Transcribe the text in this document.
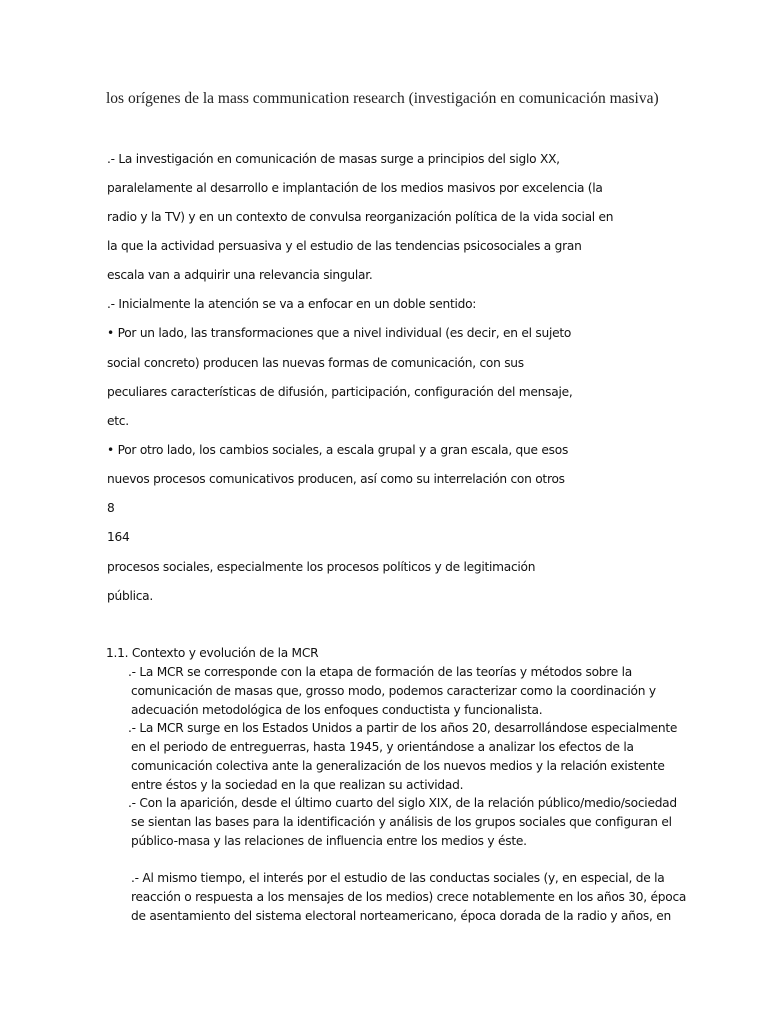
los orígenes de la mass communication research (investigación en comunicación masiva)
.- La investigación en comunicación de masas surge a principios del siglo XX,
paralelamente al desarrollo e implantación de los medios masivos por excelencia (la
radio y la TV) y en un contexto de convulsa reorganización política de la vida social en
la que la actividad persuasiva y el estudio de las tendencias psicosociales a gran
escala van a adquirir una relevancia singular.
.- Inicialmente la atención se va a enfocar en un doble sentido:
• Por un lado, las transformaciones que a nivel individual (es decir, en el sujeto
social concreto) producen las nuevas formas de comunicación, con sus
peculiares características de difusión, participación, configuración del mensaje,
etc.
• Por otro lado, los cambios sociales, a escala grupal y a gran escala, que esos
nuevos procesos comunicativos producen, así como su interrelación con otros
8
164
procesos sociales, especialmente los procesos políticos y de legitimación
pública.
1.1. Contexto y evolución de la MCR
.- La MCR se corresponde con la etapa de formación de las teorías y métodos sobre la
comunicación de masas que, grosso modo, podemos caracterizar como la coordinación y
adecuación metodológica de los enfoques conductista y funcionalista.
.- La MCR surge en los Estados Unidos a partir de los años 20, desarrollándose especialmente
en el periodo de entreguerras, hasta 1945, y orientándose a analizar los efectos de la
comunicación colectiva ante la generalización de los nuevos medios y la relación existente
entre éstos y la sociedad en la que realizan su actividad.
.- Con la aparición, desde el último cuarto del siglo XIX, de la relación público/medio/sociedad
se sientan las bases para la identificación y análisis de los grupos sociales que configuran el
público-masa y las relaciones de influencia entre los medios y éste.
.- Al mismo tiempo, el interés por el estudio de las conductas sociales (y, en especial, de la
reacción o respuesta a los mensajes de los medios) crece notablemente en los años 30, época
de asentamiento del sistema electoral norteamericano, época dorada de la radio y años, en
